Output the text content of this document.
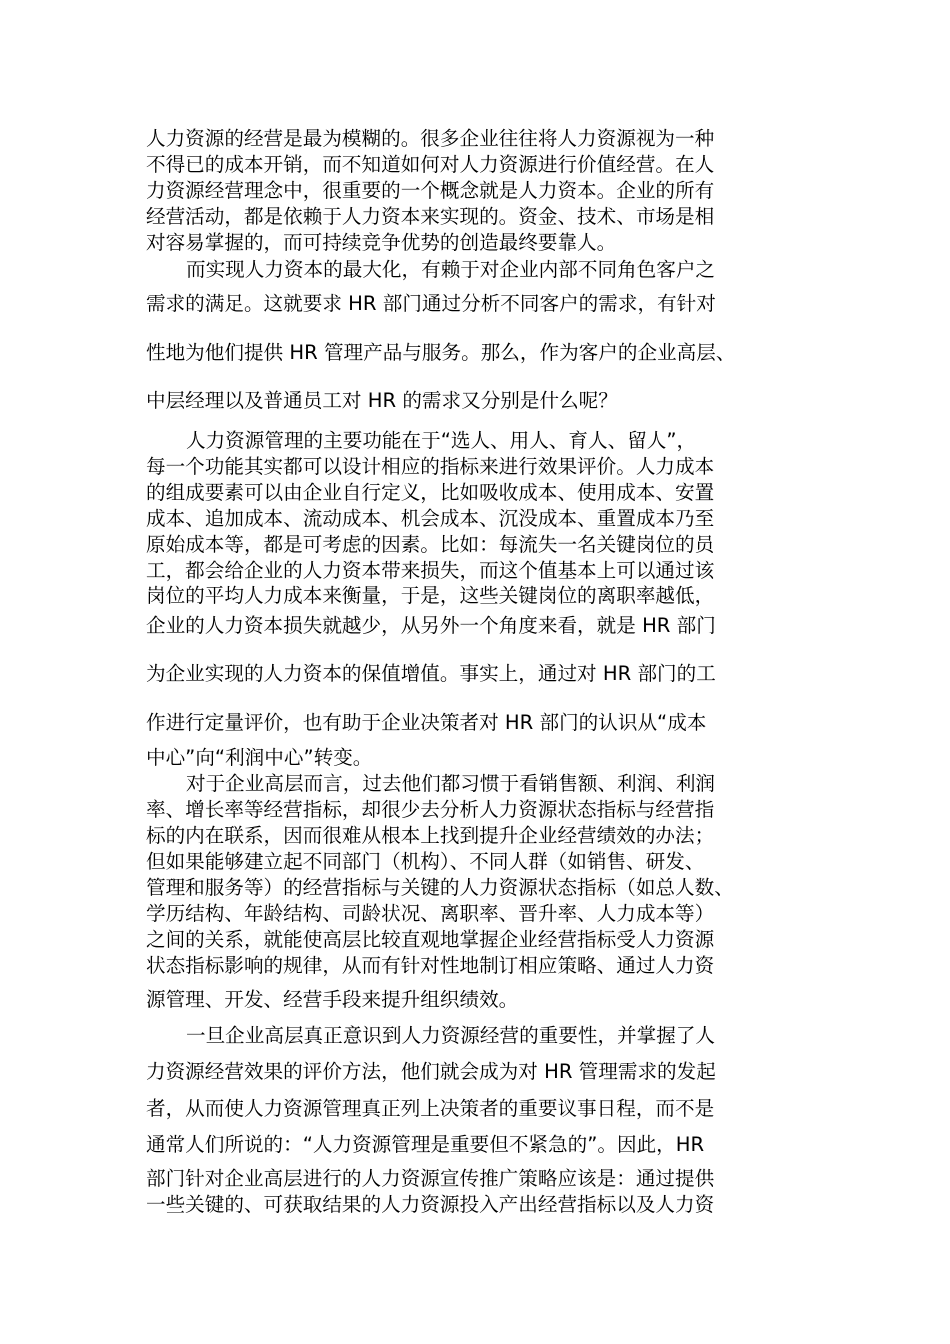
人力资源的经营是最为模糊的。很多企业往往将人力资源视为一种
不得已的成本开销，而不知道如何对人力资源进行价值经营。在人
力资源经营理念中，很重要的一个概念就是人力资本。企业的所有
经营活动，都是依赖于人力资本来实现的。资金、技术、市场是相
对容易掌握的，而可持续竞争优势的创造最终要靠人。
而实现人力资本的最大化，有赖于对企业内部不同角色客户之
需求的满足。这就要求 HR 部门通过分析不同客户的需求，有针对
性地为他们提供 HR 管理产品与服务。那么，作为客户的企业高层、
中层经理以及普通员工对 HR 的需求又分别是什么呢？
人力资源管理的主要功能在于“选人、用人、育人、留人”，
每一个功能其实都可以设计相应的指标来进行效果评价。人力成本
的组成要素可以由企业自行定义，比如吸收成本、使用成本、安置
成本、追加成本、流动成本、机会成本、沉没成本、重置成本乃至
原始成本等，都是可考虑的因素。比如：每流失一名关键岗位的员
工，都会给企业的人力资本带来损失，而这个值基本上可以通过该
岗位的平均人力成本来衡量，于是，这些关键岗位的离职率越低，
企业的人力资本损失就越少，从另外一个角度来看，就是 HR 部门
为企业实现的人力资本的保值增值。事实上，通过对 HR 部门的工
作进行定量评价，也有助于企业决策者对 HR 部门的认识从“成本
中心”向“利润中心”转变。
对于企业高层而言，过去他们都习惯于看销售额、利润、利润
率、增长率等经营指标，却很少去分析人力资源状态指标与经营指
标的内在联系，因而很难从根本上找到提升企业经营绩效的办法；
但如果能够建立起不同部门（机构）、不同人群（如销售、研发、
管理和服务等）的经营指标与关键的人力资源状态指标（如总人数、
学历结构、年龄结构、司龄状况、离职率、晋升率、人力成本等）
之间的关系，就能使高层比较直观地掌握企业经营指标受人力资源
状态指标影响的规律，从而有针对性地制订相应策略、通过人力资
源管理、开发、经营手段来提升组织绩效。
一旦企业高层真正意识到人力资源经营的重要性，并掌握了人
力资源经营效果的评价方法，他们就会成为对 HR 管理需求的发起
者，从而使人力资源管理真正列上决策者的重要议事日程，而不是
通常人们所说的：“人力资源管理是重要但不紧急的”。因此，HR
部门针对企业高层进行的人力资源宣传推广策略应该是：通过提供
一些关键的、可获取结果的人力资源投入产出经营指标以及人力资
